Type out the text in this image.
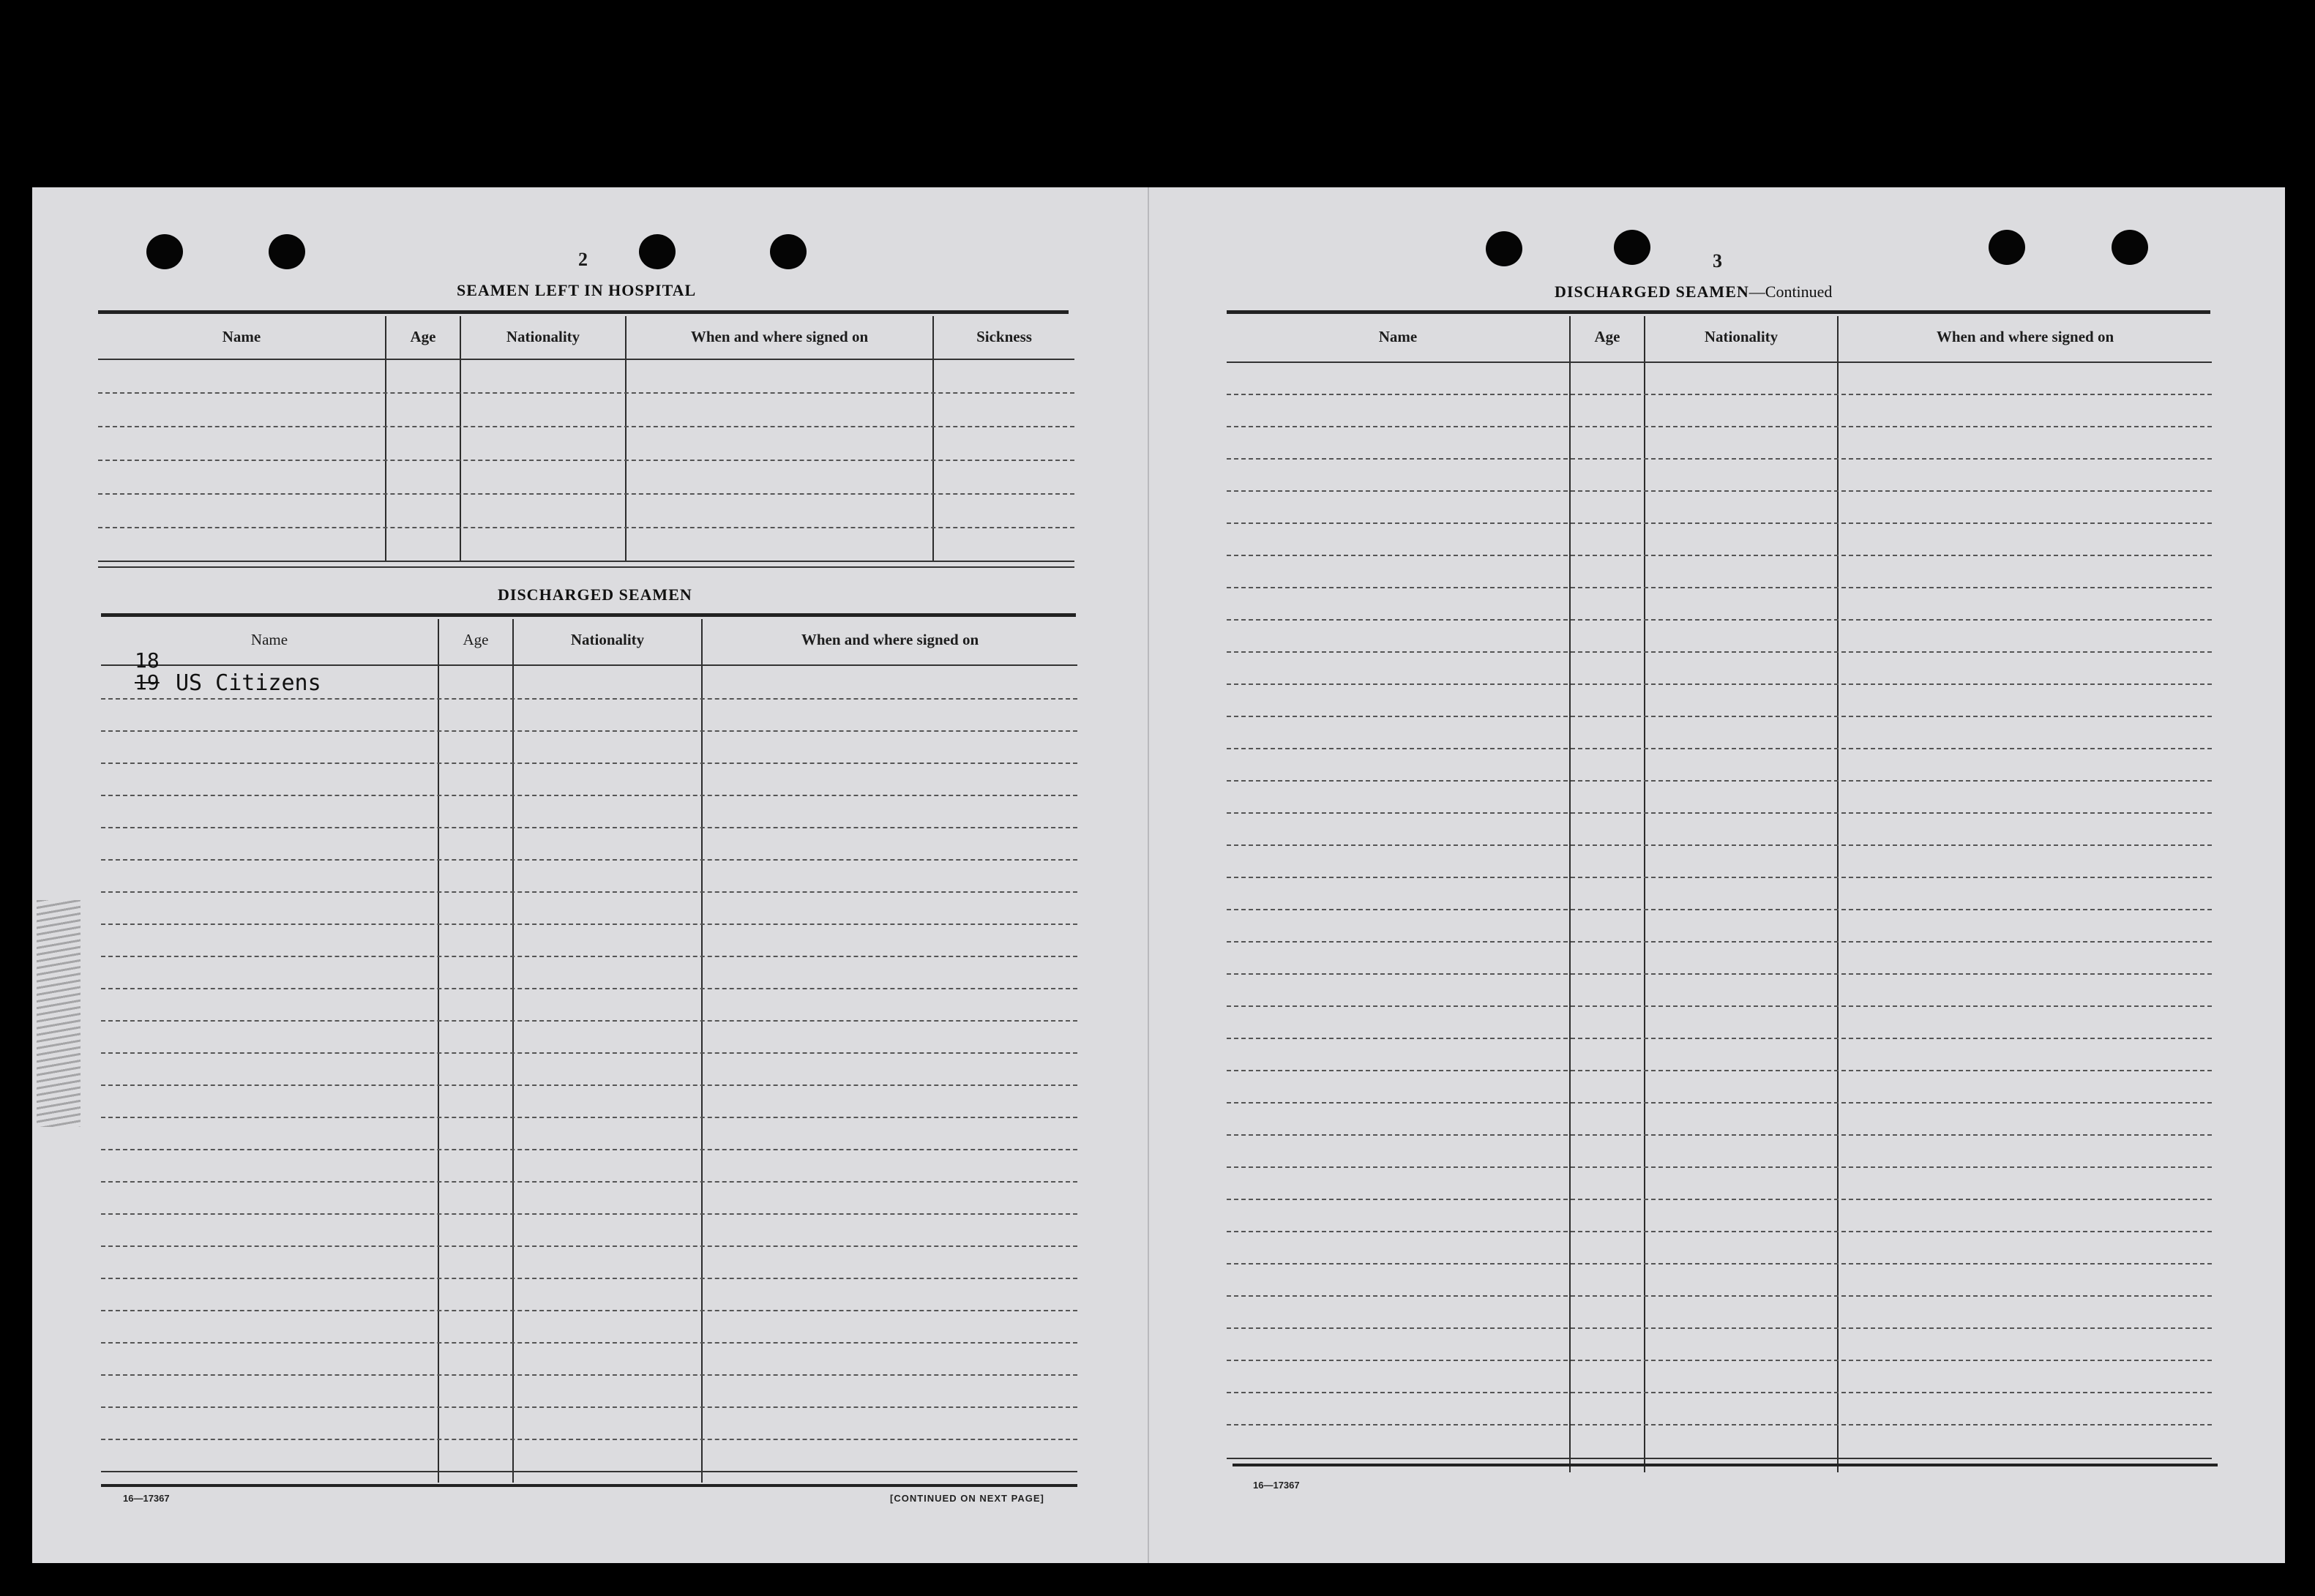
2
SEAMEN LEFT IN HOSPITAL
Name	Age	Nationality	When and where signed on	Sickness
DISCHARGED SEAMEN
Name	Age	Nationality	When and where signed on
18
19 US Citizens
16—17367	[CONTINUED ON NEXT PAGE]
3
DISCHARGED SEAMEN—Continued
Name	Age	Nationality	When and where signed on
16—17367
